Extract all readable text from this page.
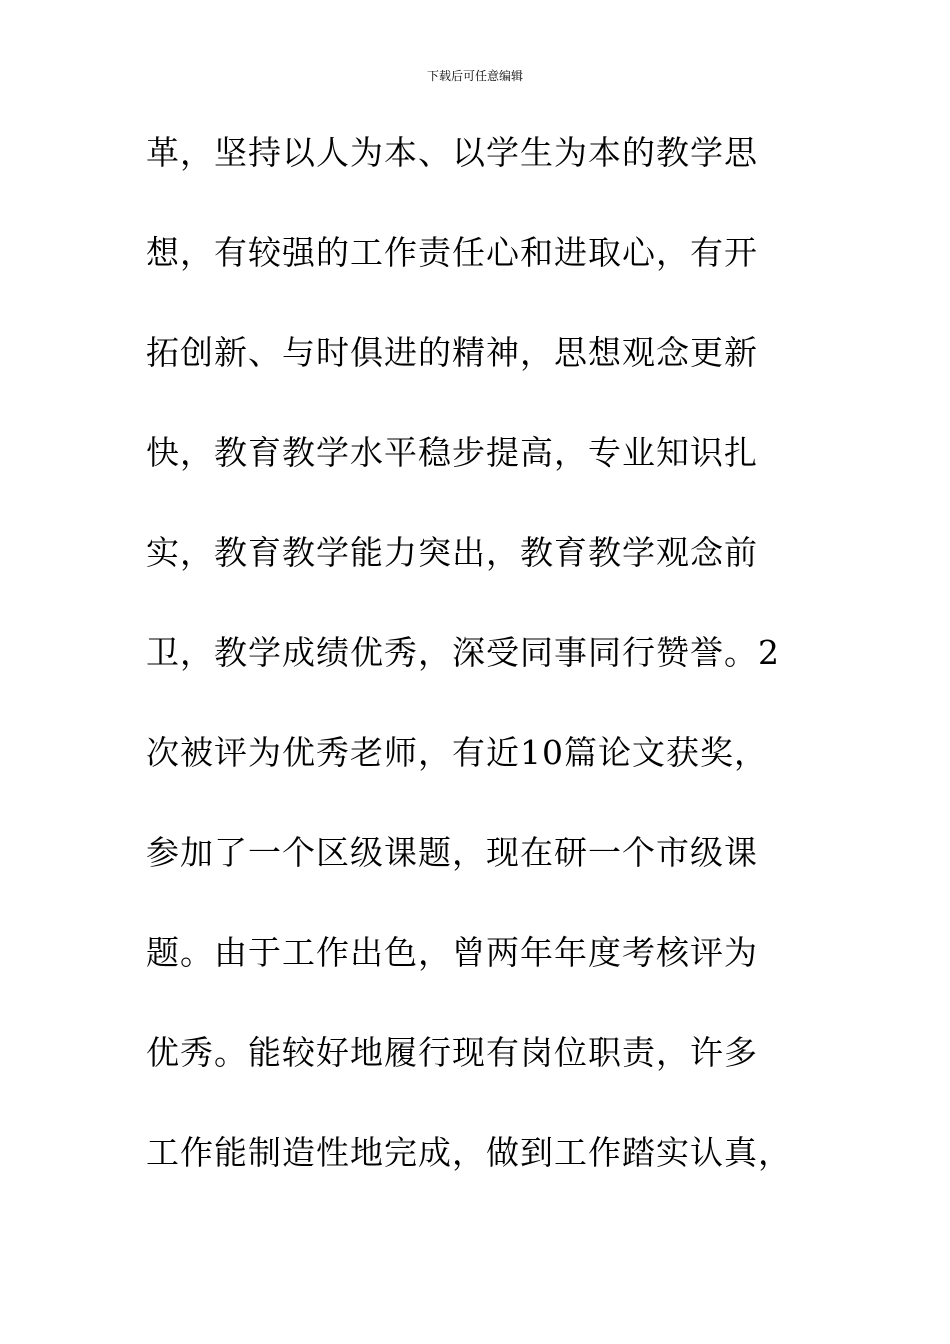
下载后可任意编辑
革，坚持以人为本、以学生为本的教学思
想，有较强的工作责任心和进取心，有开
拓创新、与时俱进的精神，思想观念更新
快，教育教学水平稳步提高，专业知识扎
实，教育教学能力突出，教育教学观念前
卫，教学成绩优秀，深受同事同行赞誉。2
次被评为优秀老师，有近10篇论文获奖，
参加了一个区级课题，现在研一个市级课
题。由于工作出色，曾两年年度考核评为
优秀。能较好地履行现有岗位职责，许多
工作能制造性地完成，做到工作踏实认真，
